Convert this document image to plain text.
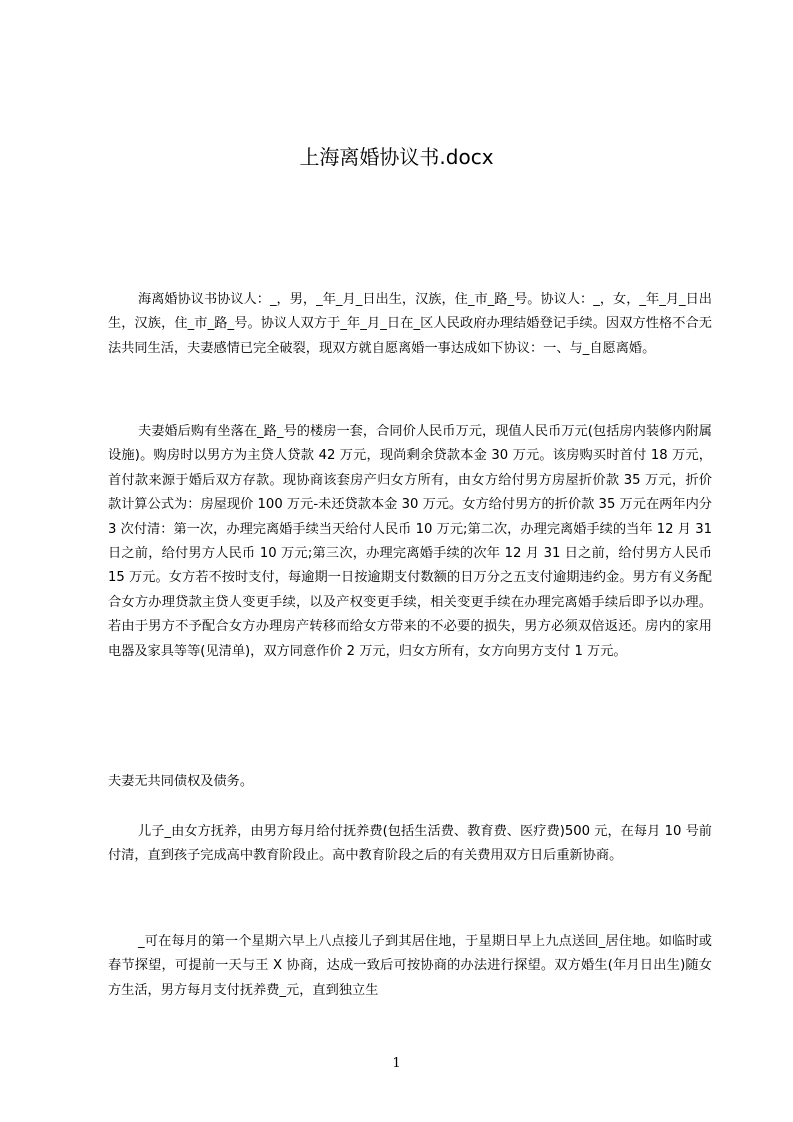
上海离婚协议书.docx
海离婚协议书协议人：_，男，_年_月_日出生，汉族，住_市_路_号。协议人：_，女，_年_月_日出生，汉族，住_市_路_号。协议人双方于_年_月_日在_区人民政府办理结婚登记手续。因双方性格不合无法共同生活，夫妻感情已完全破裂，现双方就自愿离婚一事达成如下协议：一、与_自愿离婚。
夫妻婚后购有坐落在_路_号的楼房一套，合同价人民币万元，现值人民币万元(包括房内装修内附属设施)。购房时以男方为主贷人贷款 42 万元，现尚剩余贷款本金 30 万元。该房购买时首付 18 万元，首付款来源于婚后双方存款。现协商该套房产归女方所有，由女方给付男方房屋折价款 35 万元，折价款计算公式为：房屋现价 100 万元-未还贷款本金 30 万元。女方给付男方的折价款 35 万元在两年内分 3 次付清：第一次，办理完离婚手续当天给付人民币 10 万元;第二次，办理完离婚手续的当年 12 月 31 日之前，给付男方人民币 10 万元;第三次，办理完离婚手续的次年 12 月 31 日之前，给付男方人民币 15 万元。女方若不按时支付，每逾期一日按逾期支付数额的日万分之五支付逾期违约金。男方有义务配合女方办理贷款主贷人变更手续，以及产权变更手续，相关变更手续在办理完离婚手续后即予以办理。若由于男方不予配合女方办理房产转移而给女方带来的不必要的损失，男方必须双倍返还。房内的家用电器及家具等等(见清单)，双方同意作价 2 万元，归女方所有，女方向男方支付 1 万元。
夫妻无共同债权及债务。
儿子_由女方抚养，由男方每月给付抚养费(包括生活费、教育费、医疗费)500 元，在每月 10 号前付清，直到孩子完成高中教育阶段止。高中教育阶段之后的有关费用双方日后重新协商。
_可在每月的第一个星期六早上八点接儿子到其居住地，于星期日早上九点送回_居住地。如临时或春节探望，可提前一天与王 X 协商，达成一致后可按协商的办法进行探望。双方婚生(年月日出生)随女方生活，男方每月支付抚养费_元，直到独立生
1
